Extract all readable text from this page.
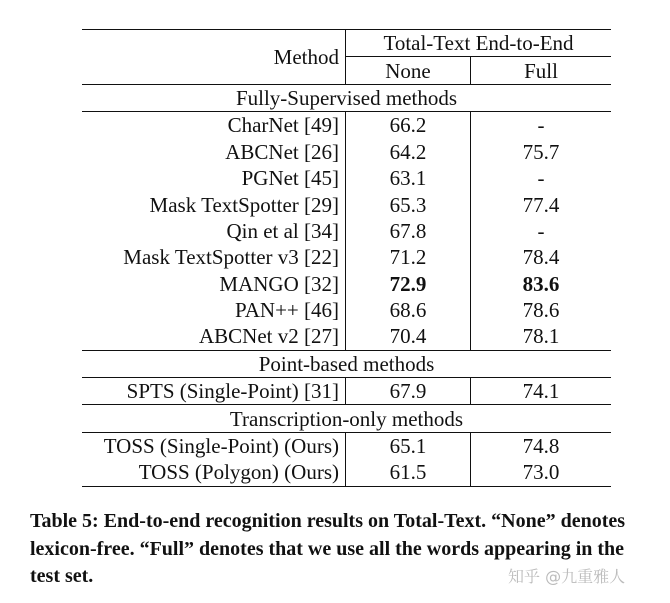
Method	Total-Text End-to-End	
	None	Full
Fully-Supervised methods		
CharNet [49]	66.2	-
ABCNet [26]	64.2	75.7
PGNet [45]	63.1	-
Mask TextSpotter [29]	65.3	77.4
Qin et al [34]	67.8	-
Mask TextSpotter v3 [22]	71.2	78.4
MANGO [32]	72.9	83.6
PAN++ [46]	68.6	78.6
ABCNet v2 [27]	70.4	78.1
Point-based methods		
SPTS (Single-Point) [31]	67.9	74.1
Transcription-only methods		
TOSS (Single-Point) (Ours)	65.1	74.8
TOSS (Polygon) (Ours)	61.5	73.0
Table 5: End-to-end recognition results on Total-Text. “None” denotes lexicon-free. “Full” denotes that we use all the words appearing in the test set.	知乎 @九重雅人
